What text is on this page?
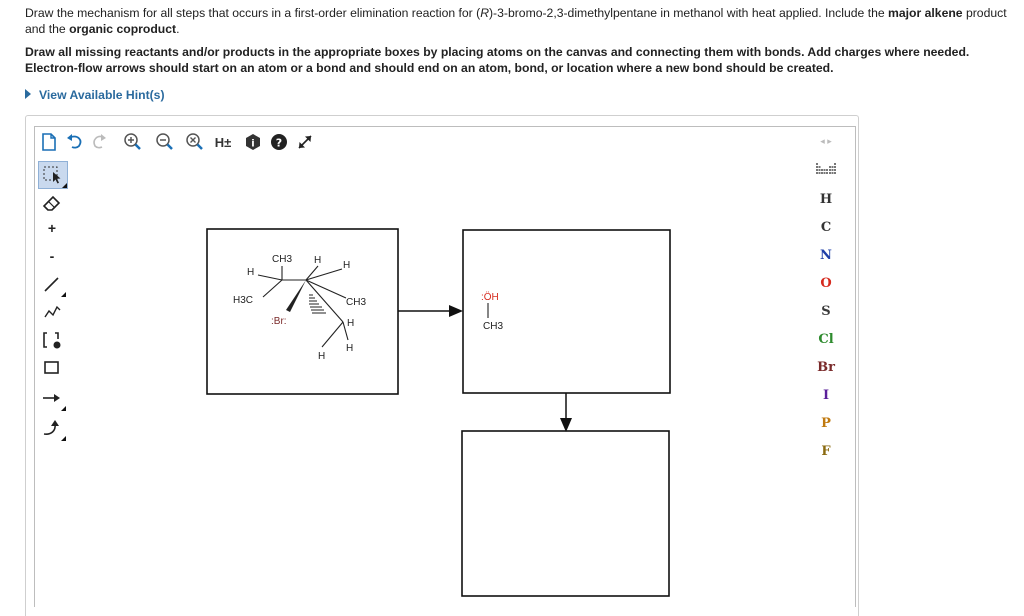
Draw the mechanism for all steps that occurs in a first-order elimination reaction for (R)-3-bromo-2,3-dimethylpentane in methanol with heat applied. Include the major alkene product and the organic coproduct.
Draw all missing reactants and/or products in the appropriate boxes by placing atoms on the canvas and connecting them with bonds. Add charges where needed. Electron-flow arrows should start on an atom or a bond and should end on an atom, bond, or location where a new bond should be created.
View Available Hint(s)
H±	i ?
+
-
◂ ▸
H
C
N
O
S
Cl
Br
I
P
F
CH3 H H
H
H3C	CH3
:Br:	H
H
H
:ÖH
CH3
